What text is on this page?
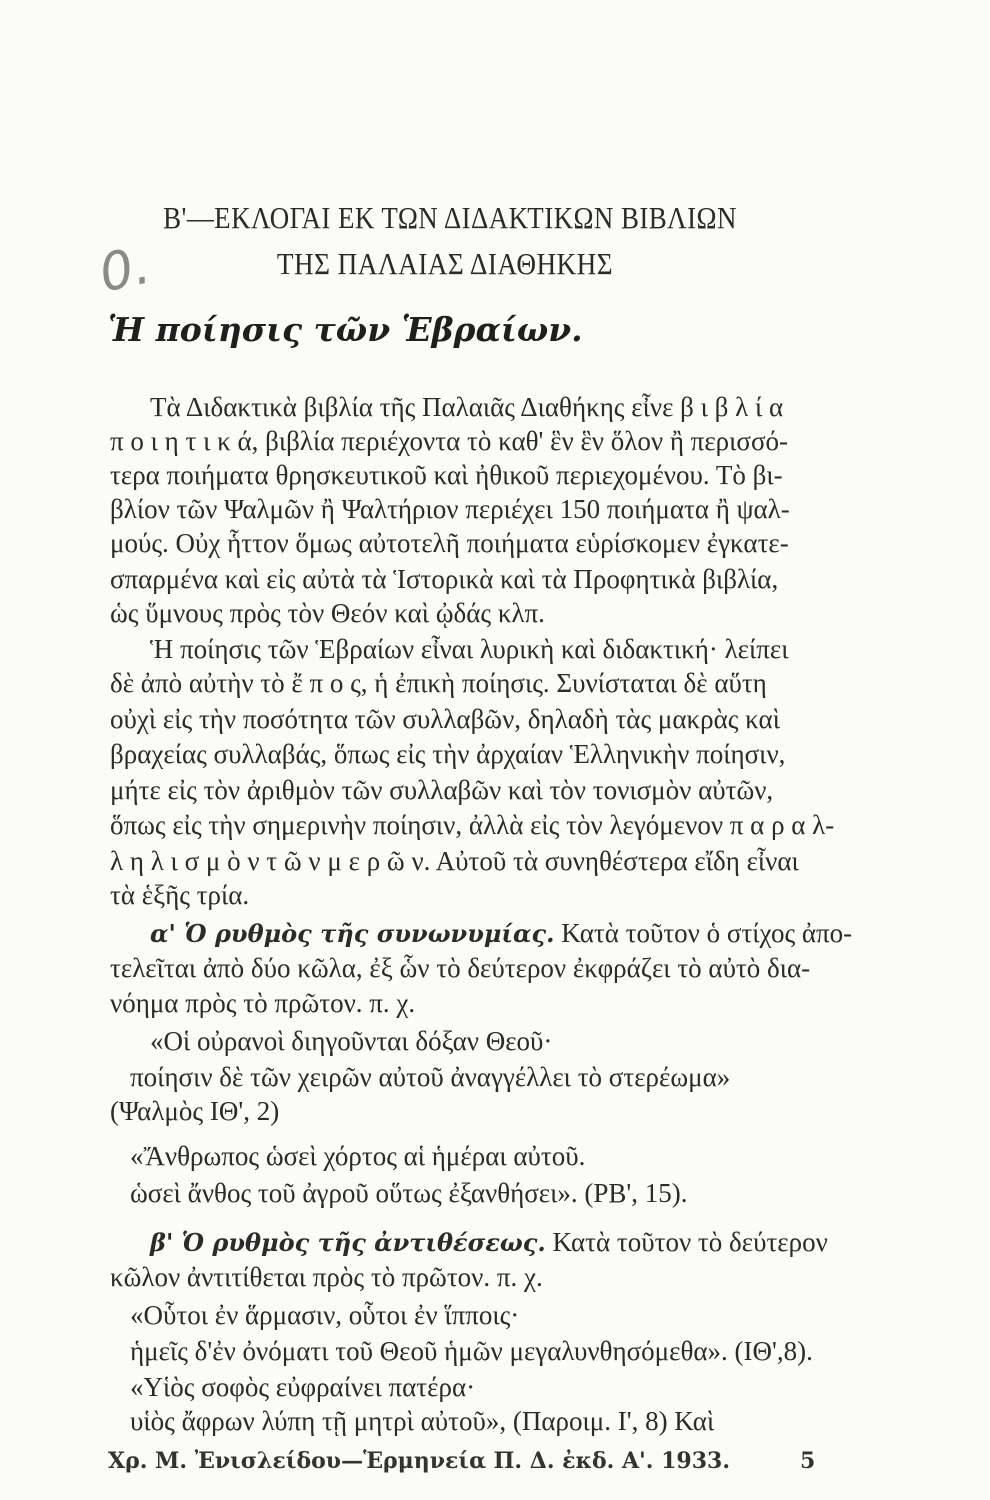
0.
Β'—ΕΚΛΟΓΑΙ ΕΚ ΤΩΝ ΔΙΔΑΚΤΙΚΩΝ ΒΙΒΛΙΩΝ
ΤΗΣ ΠΑΛΑΙΑΣ ΔΙΑΘΗΚΗΣ
Ἡ ποίησις τῶν Ἑβραίων.
Τὰ Διδακτικὰ βιβλία τῆς Παλαιᾶς Διαθήκης εἶνε β ι β λ ί α
π ο ι η τ ι κ ά, βιβλία περιέχοντα τὸ καθ' ἓν ἓν ὅλον ἢ περισσό-
τερα ποιήματα θρησκευτικοῦ καὶ ἠθικοῦ περιεχομένου. Τὸ βι-
βλίον τῶν Ψαλμῶν ἢ Ψαλτήριον περιέχει 150 ποιήματα ἢ ψαλ-
μούς. Οὐχ ἧττον ὅμως αὐτοτελῆ ποιήματα εὑρίσκομεν ἐγκατε-
σπαρμένα καὶ εἰς αὐτὰ τὰ Ἱστορικὰ καὶ τὰ Προφητικὰ βιβλία,
ὡς ὕμνους πρὸς τὸν Θεόν καὶ ᾠδάς κλπ.
Ἡ ποίησις τῶν Ἑβραίων εἶναι λυρικὴ καὶ διδακτική· λείπει
δὲ ἀπὸ αὐτὴν τὸ ἔ π ο ς, ἡ ἐπικὴ ποίησις. Συνίσταται δὲ αὕτη
οὐχὶ εἰς τὴν ποσότητα τῶν συλλαβῶν, δηλαδὴ τὰς μακρὰς καὶ
βραχείας συλλαβάς, ὅπως εἰς τὴν ἀρχαίαν Ἑλληνικὴν ποίησιν,
μήτε εἰς τὸν ἀριθμὸν τῶν συλλαβῶν καὶ τὸν τονισμὸν αὐτῶν,
ὅπως εἰς τὴν σημερινὴν ποίησιν, ἀλλὰ εἰς τὸν λεγόμενον π α ρ α λ-
λ η λ ι σ μ ὸ ν τ ῶ ν μ ε ρ ῶ ν. Αὐτοῦ τὰ συνηθέστερα εἴδη εἶναι
τὰ ἑξῆς τρία.
α' Ὁ ρυθμὸς τῆς συνωνυμίας. Κατὰ τοῦτον ὁ στίχος ἀπο-
τελεῖται ἀπὸ δύο κῶλα, ἐξ ὧν τὸ δεύτερον ἐκφράζει τὸ αὐτὸ δια-
νόημα πρὸς τὸ πρῶτον. π. χ.
«Οἱ οὐρανοὶ διηγοῦνται δόξαν Θεοῦ·
ποίησιν δὲ τῶν χειρῶν αὐτοῦ ἀναγγέλλει τὸ στερέωμα»
(Ψαλμὸς ΙΘ', 2)
«Ἄνθρωπος ὡσεὶ χόρτος αἱ ἡμέραι αὐτοῦ.
ὡσεὶ ἄνθος τοῦ ἀγροῦ οὕτως ἐξανθήσει». (ΡΒ', 15).
β' Ὁ ρυθμὸς τῆς ἀντιθέσεως. Κατὰ τοῦτον τὸ δεύτερον
κῶλον ἀντιτίθεται πρὸς τὸ πρῶτον. π. χ.
«Οὗτοι ἐν ἅρμασιν, οὗτοι ἐν ἵπποις·
ἡμεῖς δ'ἐν ὀνόματι τοῦ Θεοῦ ἡμῶν μεγαλυνθησόμεθα». (ΙΘ',8).
«Υἱὸς σοφὸς εὐφραίνει πατέρα·
υἱὸς ἄφρων λύπη τῇ μητρὶ αὐτοῦ», (Παροιμ. Ι', 8) Καὶ
Χρ. Μ. Ἐνισλείδου—Ἑρμηνεία Π. Δ. ἐκδ. Α'. 1933.	5
